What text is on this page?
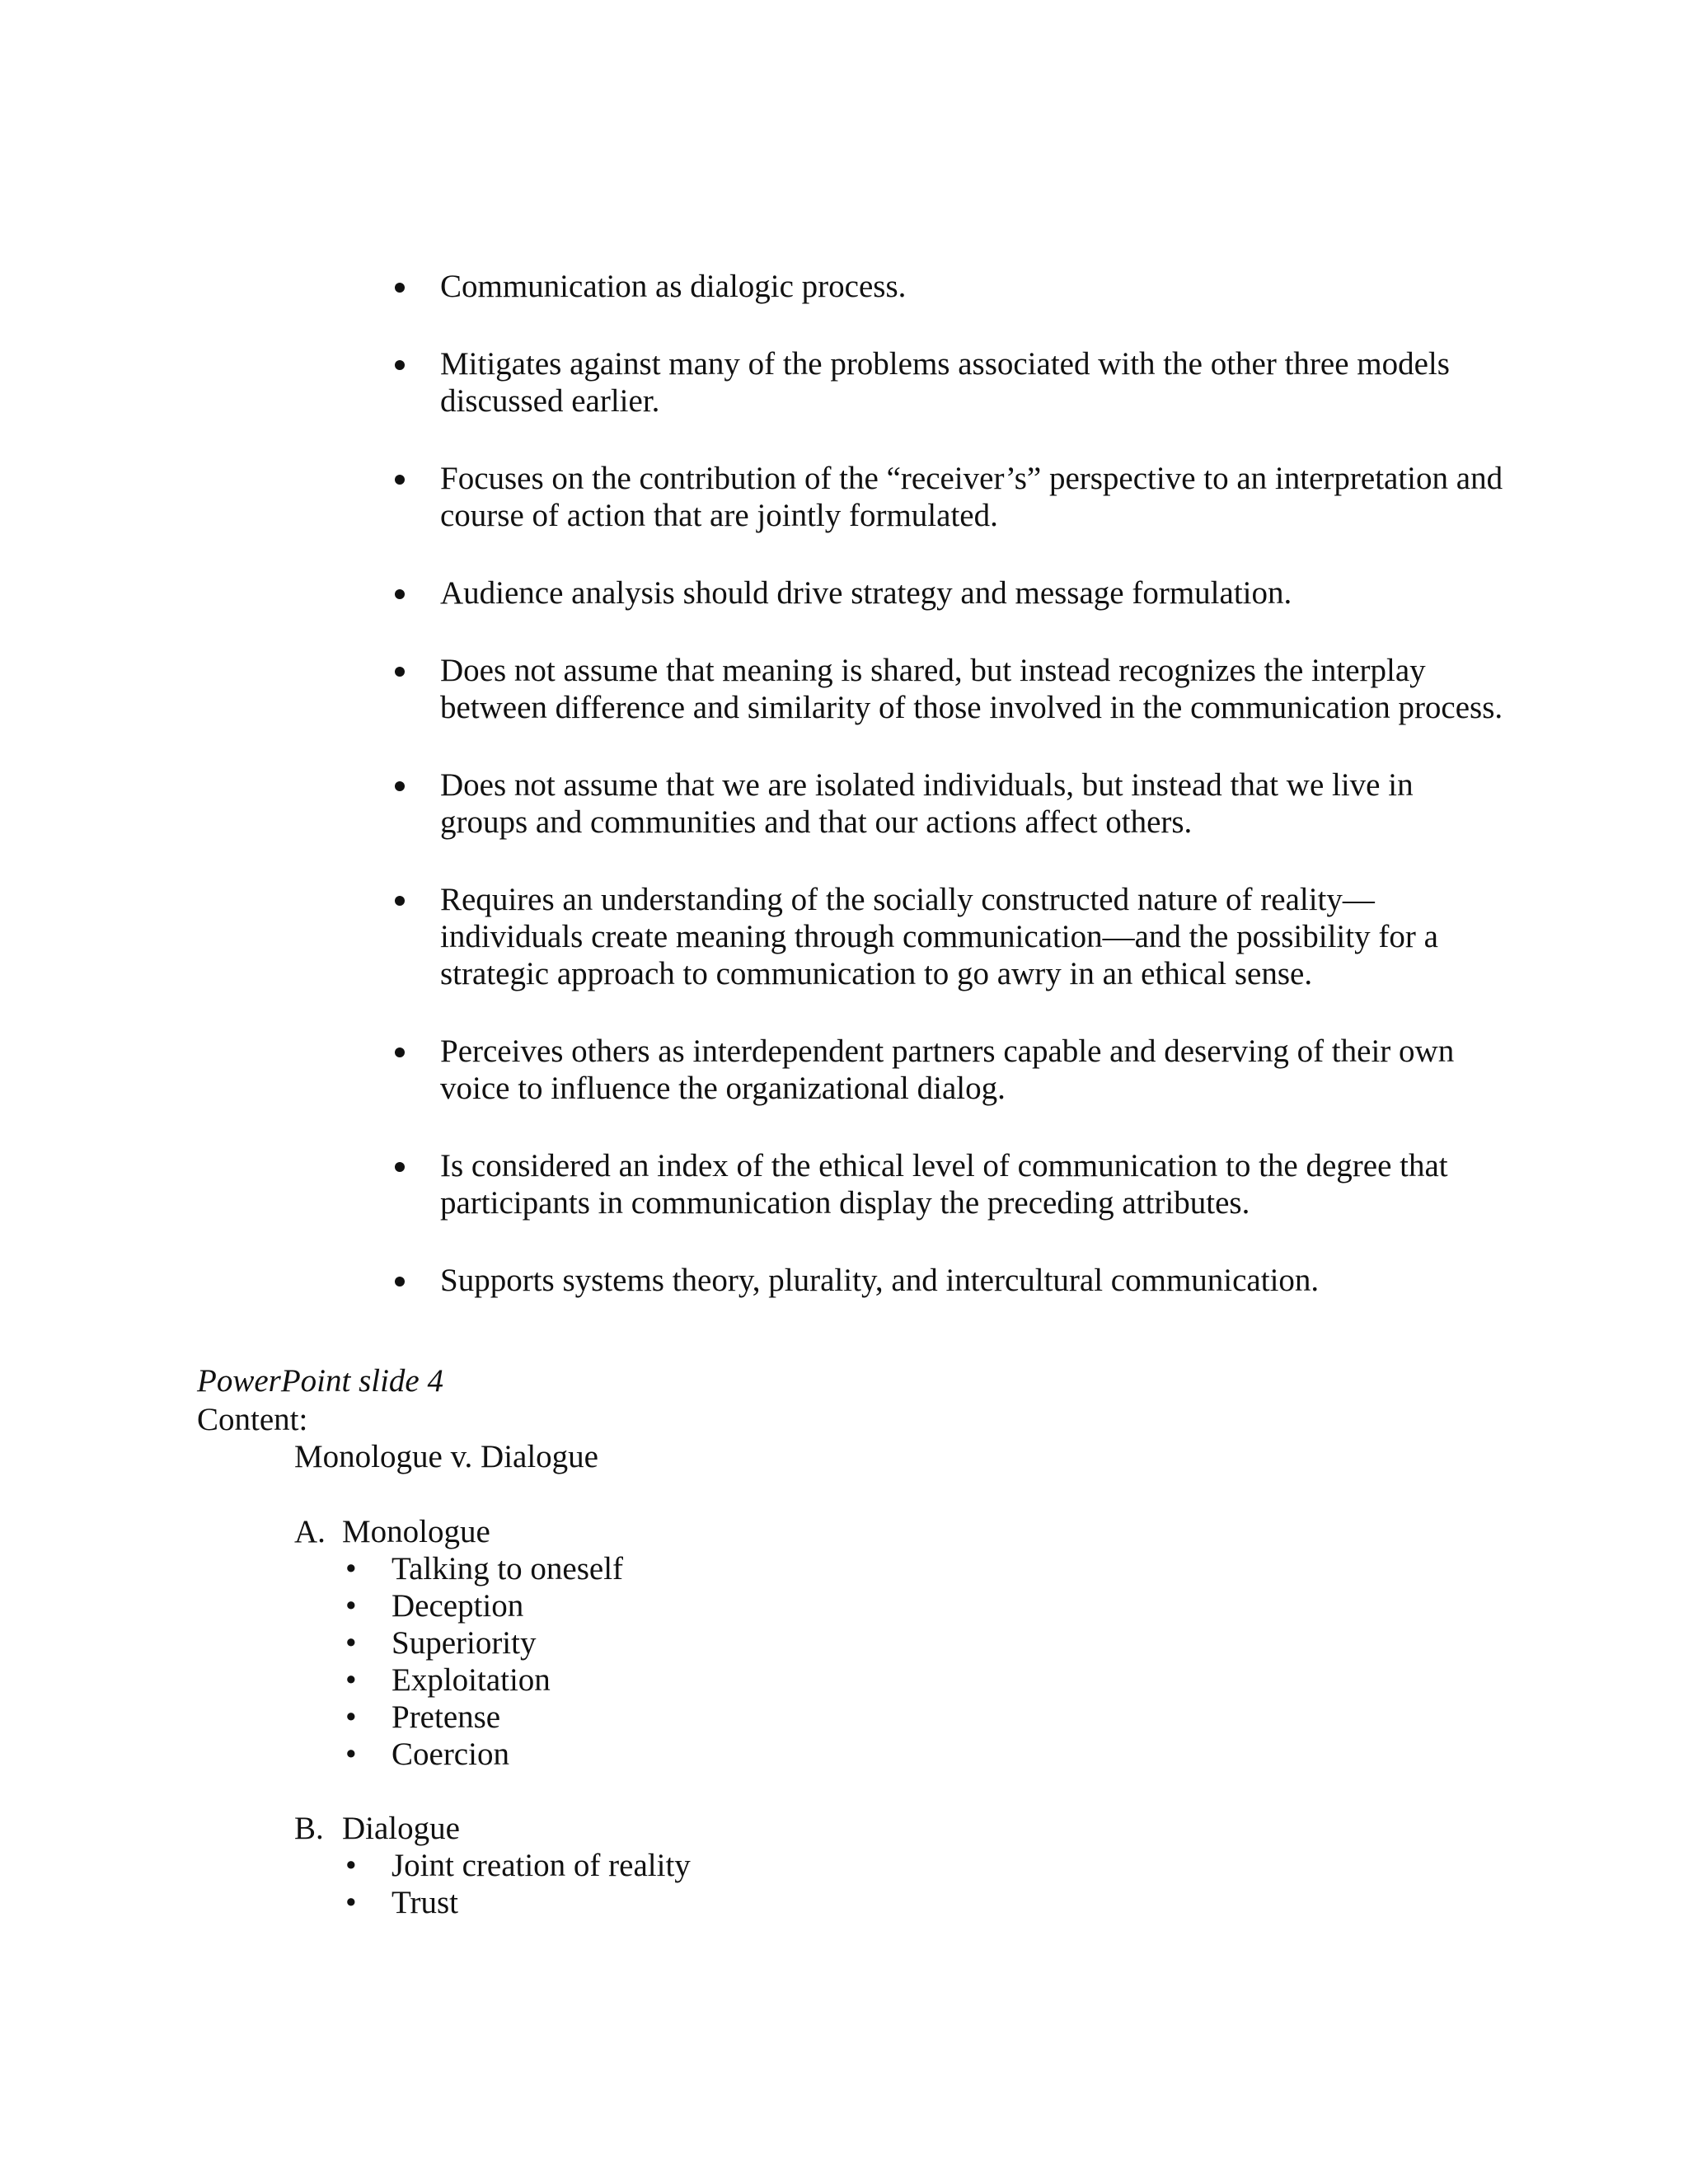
Communication as dialogic process.
Mitigates against many of the problems associated with the other three models discussed earlier.
Focuses on the contribution of the “receiver’s” perspective to an interpretation and course of action that are jointly formulated.
Audience analysis should drive strategy and message formulation.
Does not assume that meaning is shared, but instead recognizes the interplay between difference and similarity of those involved in the communication process.
Does not assume that we are isolated individuals, but instead that we live in groups and communities and that our actions affect others.
Requires an understanding of the socially constructed nature of reality—individuals create meaning through communication—and the possibility for a strategic approach to communication to go awry in an ethical sense.
Perceives others as interdependent partners capable and deserving of their own voice to influence the organizational dialog.
Is considered an index of the ethical level of communication to the degree that participants in communication display the preceding attributes.
Supports systems theory, plurality, and intercultural communication.

PowerPoint slide 4

Content:

Monologue v. Dialogue

A. Monologue
• Talking to oneself
• Deception
• Superiority
• Exploitation
• Pretense
• Coercion
B. Dialogue
• Joint creation of reality
• Trust
